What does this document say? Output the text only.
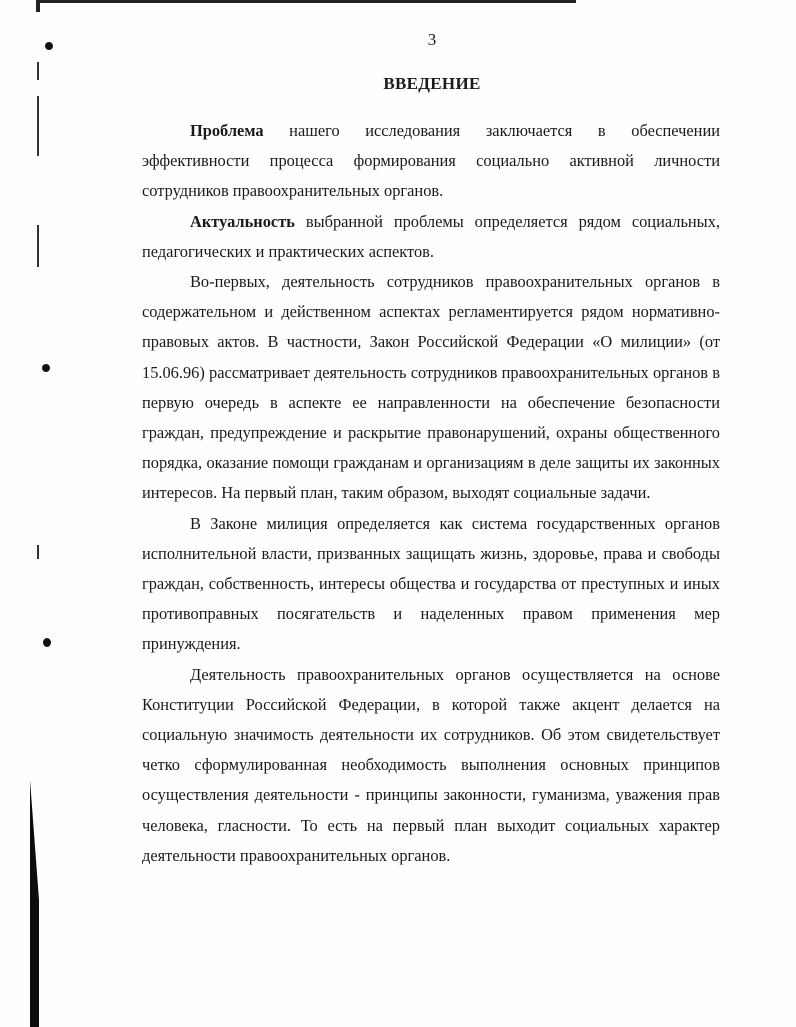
3
ВВЕДЕНИЕ

Проблема нашего исследования заключается в обеспечении эффективности процесса формирования социально активной личности сотрудников правоохранительных органов.

Актуальность выбранной проблемы определяется рядом социальных, педагогических и практических аспектов.

Во-первых, деятельность сотрудников правоохранительных органов в содержательном и действенном аспектах регламентируется рядом нормативно-правовых актов. В частности, Закон Российской Федерации «О милиции» (от 15.06.96) рассматривает деятельность сотрудников правоохранительных органов в первую очередь в аспекте ее направленности на обеспечение безопасности граждан, предупреждение и раскрытие правонарушений, охраны общественного порядка, оказание помощи гражданам и организациям в деле защиты их законных интересов. На первый план, таким образом, выходят социальные задачи.

В Законе милиция определяется как система государственных органов исполнительной власти, призванных защищать жизнь, здоровье, права и свободы граждан, собственность, интересы общества и государства от преступных и иных противоправных посягательств и наделенных правом применения мер принуждения.

Деятельность правоохранительных органов осуществляется на основе Конституции Российской Федерации, в которой также акцент делается на социальную значимость деятельности их сотрудников. Об этом свидетельствует четко сформулированная необходимость выполнения основных принципов осуществления деятельности - принципы законности, гуманизма, уважения прав человека, гласности. То есть на первый план выходит социальных характер деятельности правоохранительных органов.
